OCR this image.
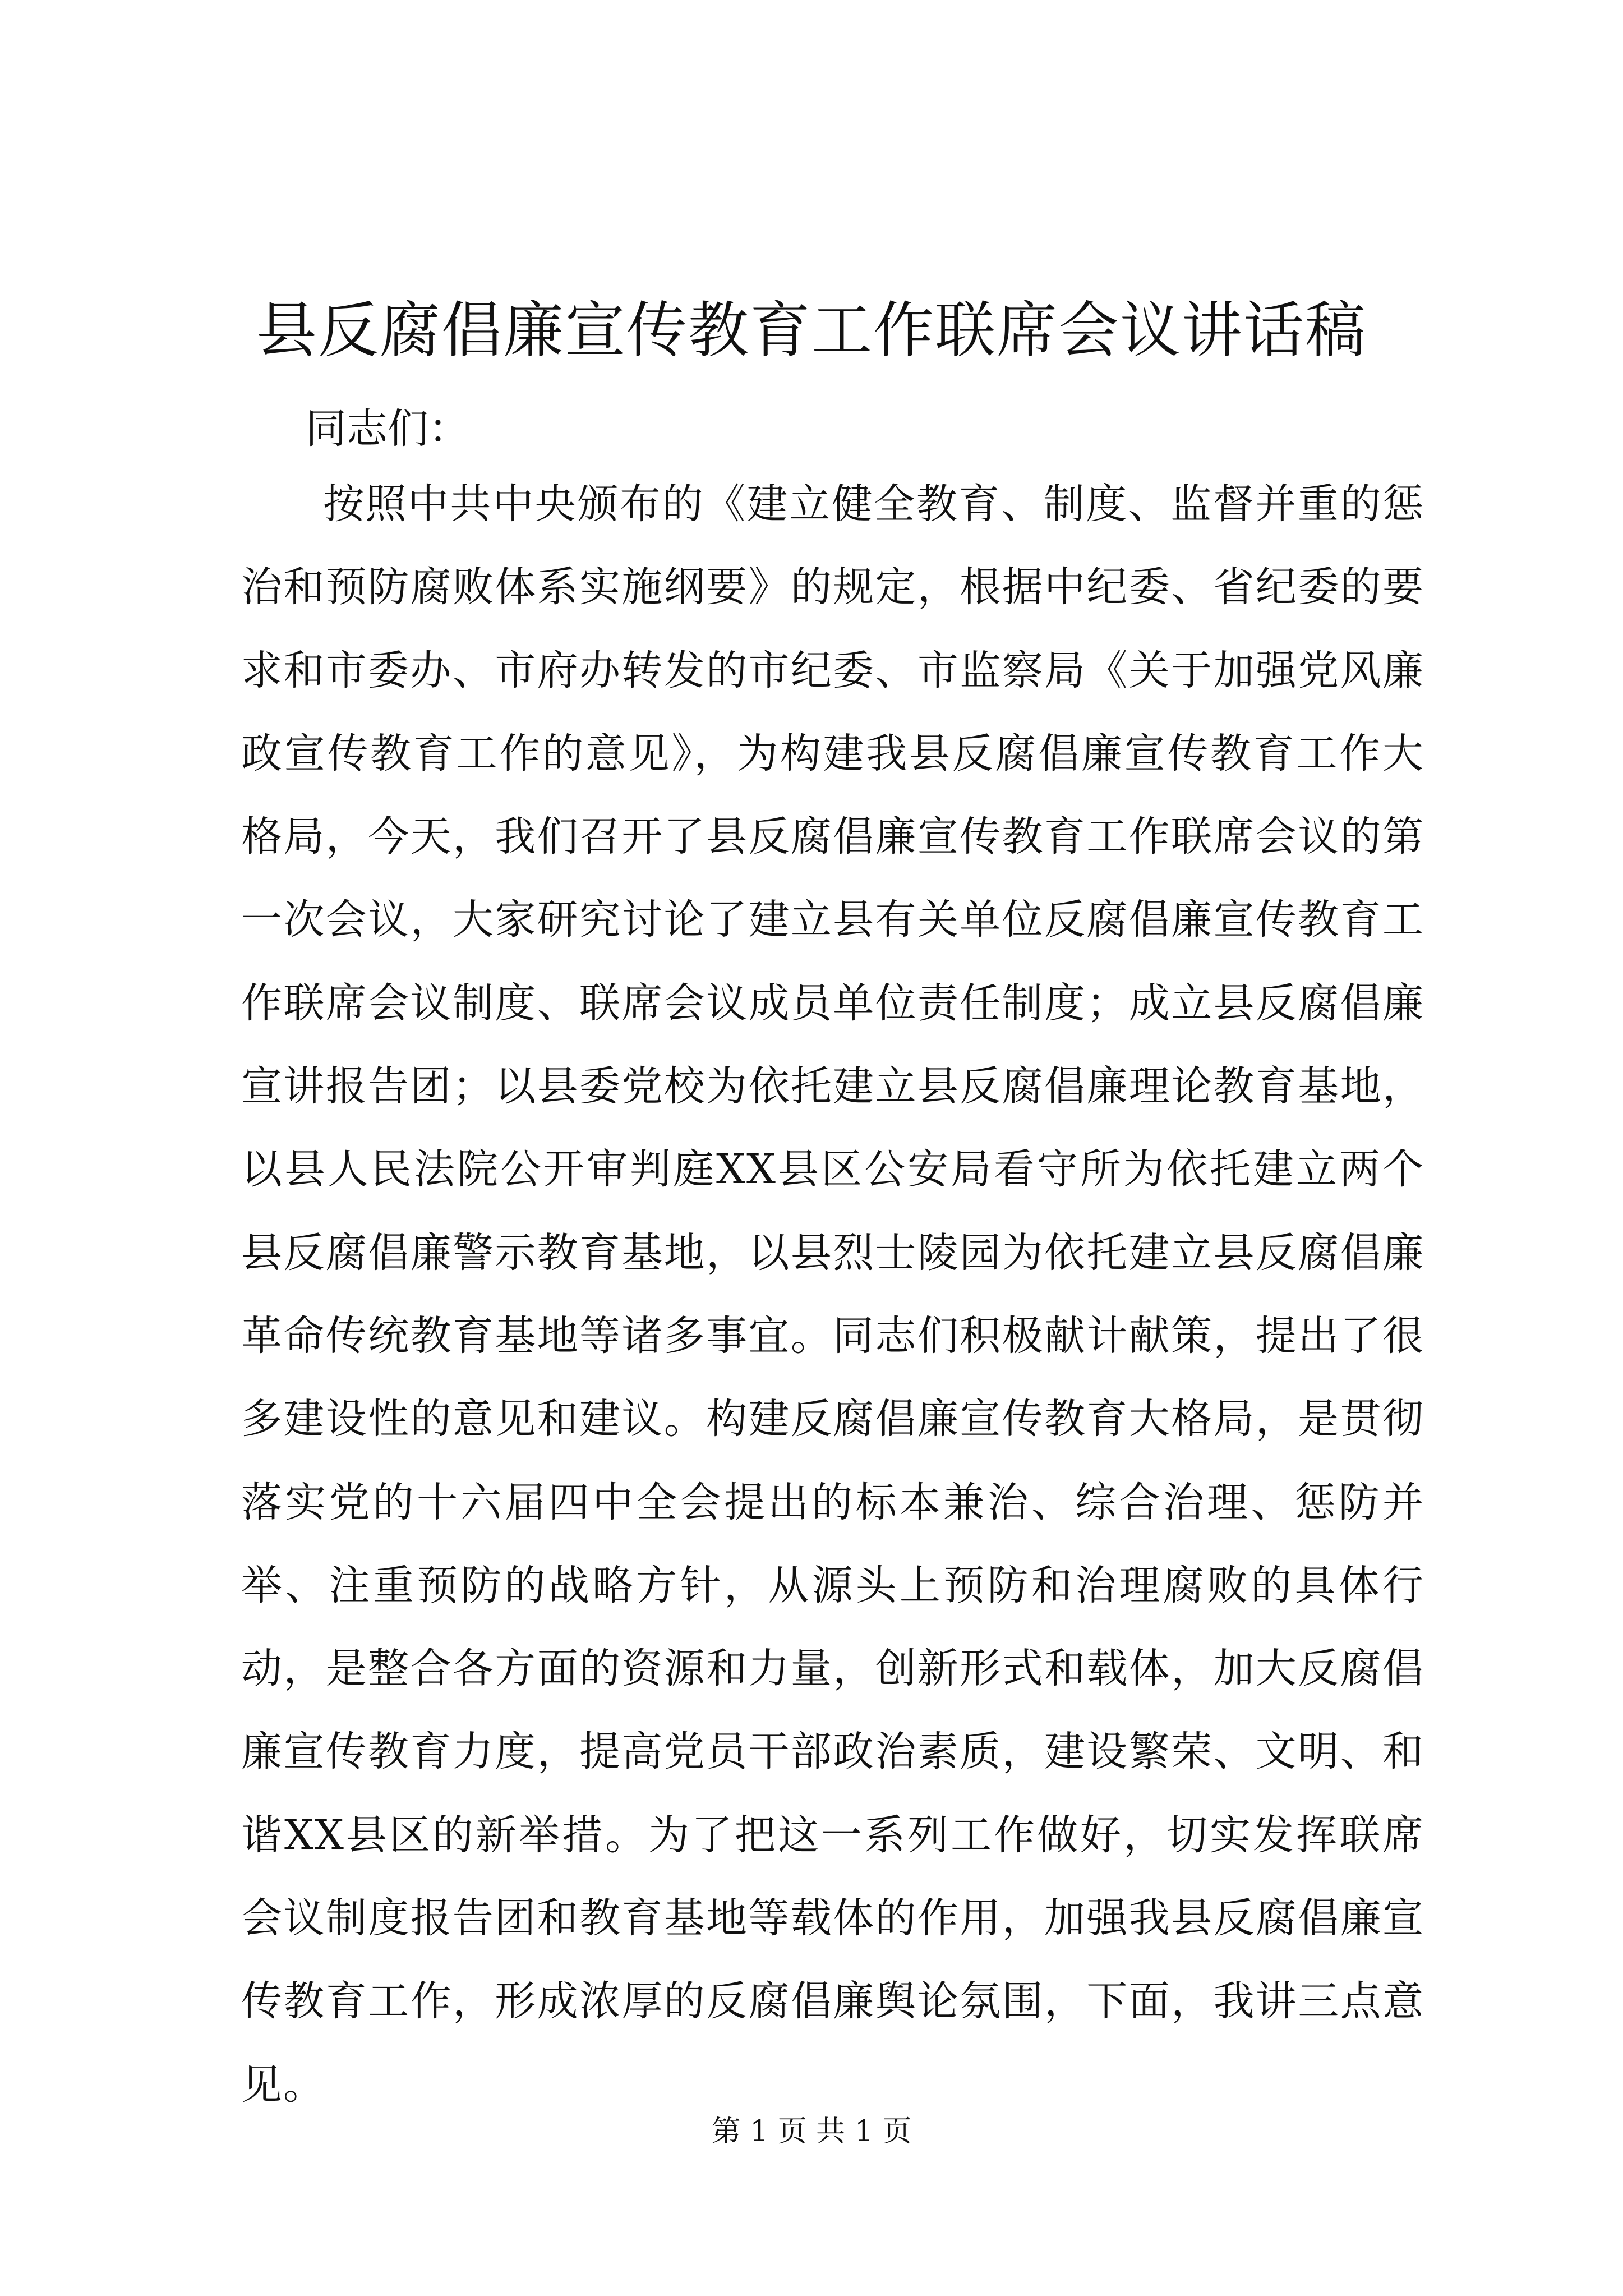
县反腐倡廉宣传教育工作联席会议讲话稿

同志们：

按照中共中央颁布的《建立健全教育、制度、监督并重的惩治和预防腐败体系实施纲要》的规定，根据中纪委、省纪委的要求和市委办、市府办转发的市纪委、市监察局《关于加强党风廉政宣传教育工作的意见》，为构建我县反腐倡廉宣传教育工作大格局，今天，我们召开了县反腐倡廉宣传教育工作联席会议的第一次会议，大家研究讨论了建立县有关单位反腐倡廉宣传教育工作联席会议制度、联席会议成员单位责任制度；成立县反腐倡廉宣讲报告团；以县委党校为依托建立县反腐倡廉理论教育基地，以县人民法院公开审判庭XX县区公安局看守所为依托建立两个县反腐倡廉警示教育基地，以县烈士陵园为依托建立县反腐倡廉革命传统教育基地等诸多事宜。同志们积极献计献策，提出了很多建设性的意见和建议。构建反腐倡廉宣传教育大格局，是贯彻落实党的十六届四中全会提出的标本兼治、综合治理、惩防并举、注重预防的战略方针，从源头上预防和治理腐败的具体行动，是整合各方面的资源和力量，创新形式和载体，加大反腐倡廉宣传教育力度，提高党员干部政治素质，建设繁荣、文明、和谐XX县区的新举措。为了把这一系列工作做好，切实发挥联席会议制度报告团和教育基地等载体的作用，加强我县反腐倡廉宣传教育工作，形成浓厚的反腐倡廉舆论氛围，下面，我讲三点意见。

第 1 页 共 1 页
